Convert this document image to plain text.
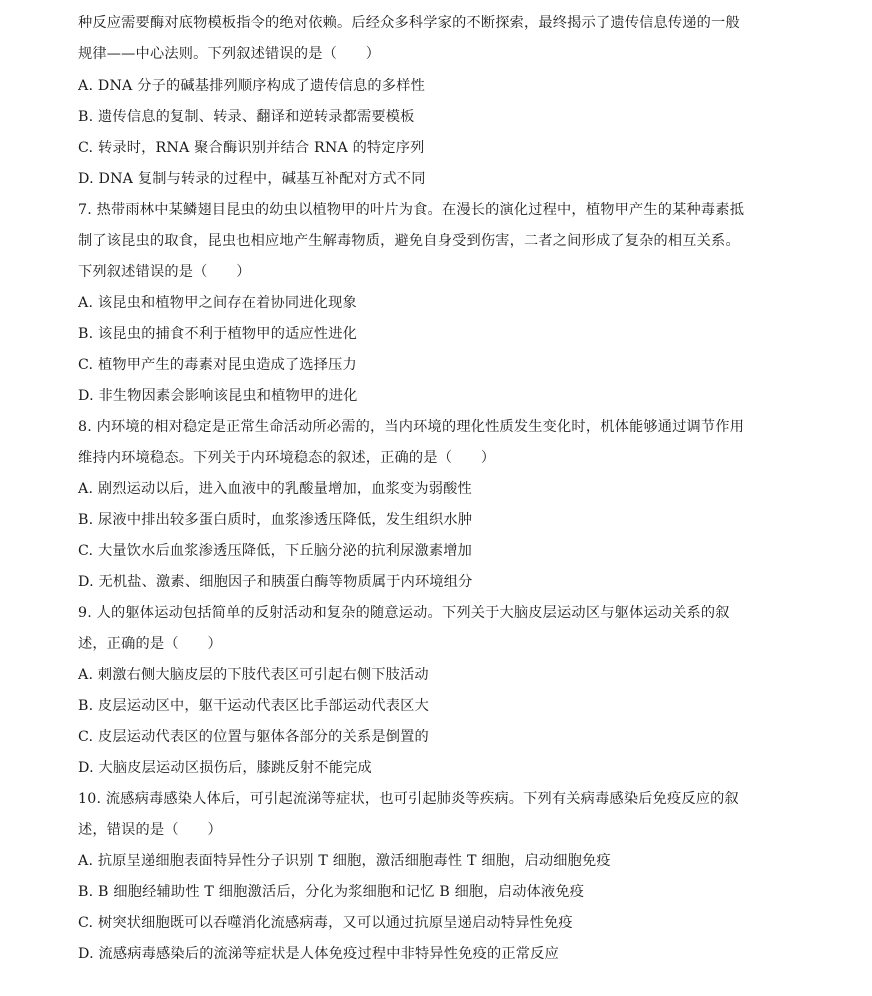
种反应需要酶对底物模板指令的绝对依赖。后经众多科学家的不断探索，最终揭示了遗传信息传递的一般
规律——中心法则。下列叙述错误的是（　　）
A. DNA 分子的碱基排列顺序构成了遗传信息的多样性
B. 遗传信息的复制、转录、翻译和逆转录都需要模板
C. 转录时，RNA 聚合酶识别并结合 RNA 的特定序列
D. DNA 复制与转录的过程中，碱基互补配对方式不同
7. 热带雨林中某鳞翅目昆虫的幼虫以植物甲的叶片为食。在漫长的演化过程中，植物甲产生的某种毒素抵
制了该昆虫的取食，昆虫也相应地产生解毒物质，避免自身受到伤害，二者之间形成了复杂的相互关系。
下列叙述错误的是（　　）
A. 该昆虫和植物甲之间存在着协同进化现象
B. 该昆虫的捕食不利于植物甲的适应性进化
C. 植物甲产生的毒素对昆虫造成了选择压力
D. 非生物因素会影响该昆虫和植物甲的进化
8. 内环境的相对稳定是正常生命活动所必需的，当内环境的理化性质发生变化时，机体能够通过调节作用
维持内环境稳态。下列关于内环境稳态的叙述，正确的是（　　）
A. 剧烈运动以后，进入血液中的乳酸量增加，血浆变为弱酸性
B. 尿液中排出较多蛋白质时，血浆渗透压降低，发生组织水肿
C. 大量饮水后血浆渗透压降低，下丘脑分泌的抗利尿激素增加
D. 无机盐、激素、细胞因子和胰蛋白酶等物质属于内环境组分
9. 人的躯体运动包括简单的反射活动和复杂的随意运动。下列关于大脑皮层运动区与躯体运动关系的叙
述，正确的是（　　）
A. 刺激右侧大脑皮层的下肢代表区可引起右侧下肢活动
B. 皮层运动区中，躯干运动代表区比手部运动代表区大
C. 皮层运动代表区的位置与躯体各部分的关系是倒置的
D. 大脑皮层运动区损伤后，膝跳反射不能完成
10. 流感病毒感染人体后，可引起流涕等症状，也可引起肺炎等疾病。下列有关病毒感染后免疫反应的叙
述，错误的是（　　）
A. 抗原呈递细胞表面特异性分子识别 T 细胞，激活细胞毒性 T 细胞，启动细胞免疫
B. B 细胞经辅助性 T 细胞激活后，分化为浆细胞和记忆 B 细胞，启动体液免疫
C. 树突状细胞既可以吞噬消化流感病毒，又可以通过抗原呈递启动特异性免疫
D. 流感病毒感染后的流涕等症状是人体免疫过程中非特异性免疫的正常反应
